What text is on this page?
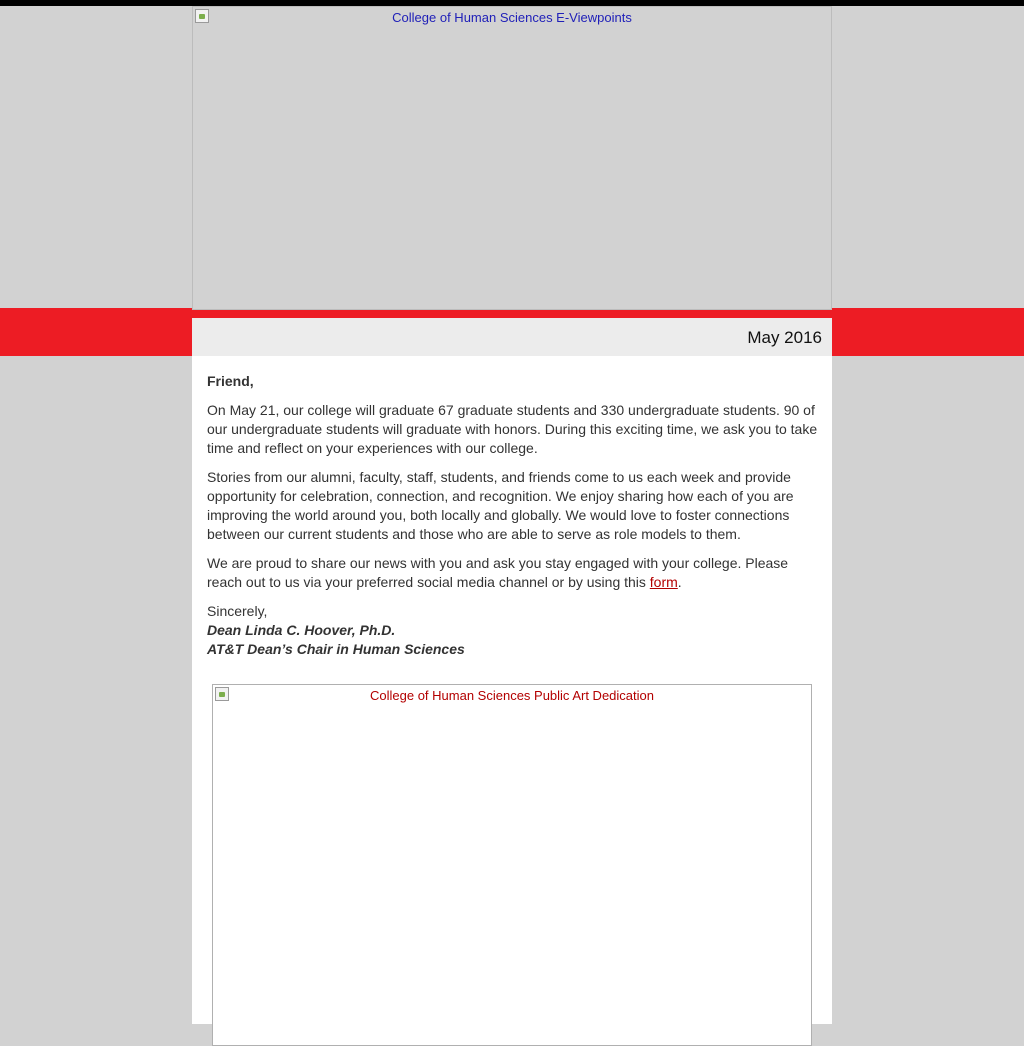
College of Human Sciences E-Viewpoints
May 2016

Friend,

On May 21, our college will graduate 67 graduate students and 330 undergraduate students. 90 of our undergraduate students will graduate with honors. During this exciting time, we ask you to take time and reflect on your experiences with our college.

Stories from our alumni, faculty, staff, students, and friends come to us each week and provide opportunity for celebration, connection, and recognition. We enjoy sharing how each of you are improving the world around you, both locally and globally. We would love to foster connections between our current students and those who are able to serve as role models to them.

We are proud to share our news with you and ask you stay engaged with your college. Please reach out to us via your preferred social media channel or by using this form.

Sincerely,

Dean Linda C. Hoover, Ph.D.
AT&T Dean’s Chair in Human Sciences

College of Human Sciences Public Art Dedication
